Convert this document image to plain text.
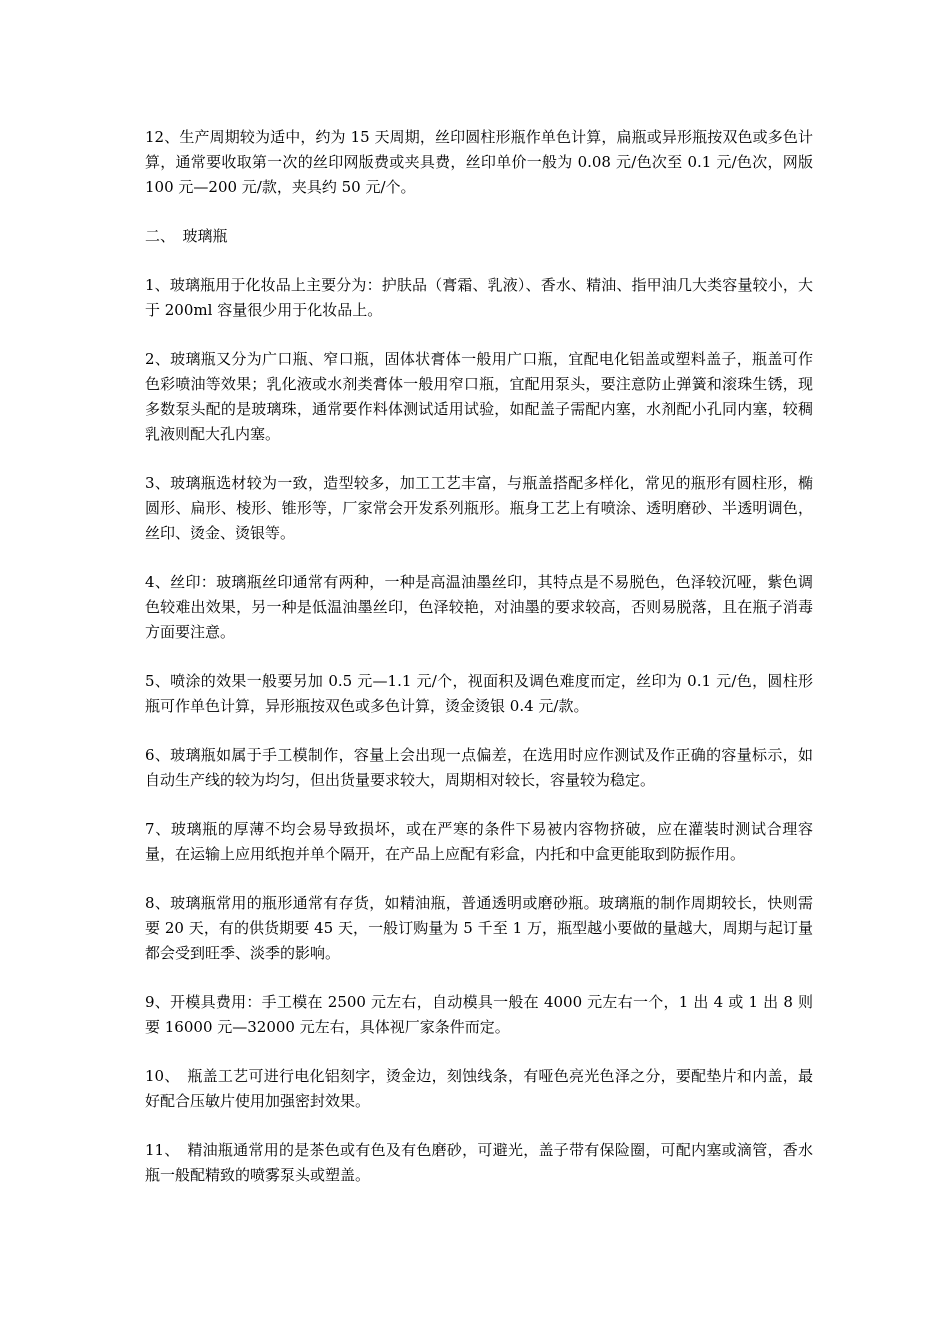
12、生产周期较为适中，约为 15 天周期，丝印圆柱形瓶作单色计算，扁瓶或异形瓶按双色或多色计算，通常要收取第一次的丝印网版费或夹具费，丝印单价一般为 0.08 元/色次至 0.1 元/色次，网版 100 元—200 元/款，夹具约 50 元/个。

二、　玻璃瓶

1、玻璃瓶用于化妆品上主要分为：护肤品（膏霜、乳液）、香水、精油、指甲油几大类容量较小，大于 200ml 容量很少用于化妆品上。

2、玻璃瓶又分为广口瓶、窄口瓶，固体状膏体一般用广口瓶，宜配电化铝盖或塑料盖子，瓶盖可作色彩喷油等效果；乳化液或水剂类膏体一般用窄口瓶，宜配用泵头，要注意防止弹簧和滚珠生锈，现多数泵头配的是玻璃珠，通常要作料体测试适用试验，如配盖子需配内塞，水剂配小孔同内塞，较稠乳液则配大孔内塞。

3、玻璃瓶选材较为一致，造型较多，加工工艺丰富，与瓶盖搭配多样化，常见的瓶形有圆柱形，椭圆形、扁形、棱形、锥形等，厂家常会开发系列瓶形。瓶身工艺上有喷涂、透明磨砂、半透明调色，丝印、烫金、烫银等。

4、丝印：玻璃瓶丝印通常有两种，一种是高温油墨丝印，其特点是不易脱色，色泽较沉哑，紫色调色较难出效果，另一种是低温油墨丝印，色泽较艳，对油墨的要求较高，否则易脱落，且在瓶子消毒方面要注意。

5、喷涂的效果一般要另加 0.5 元—1.1 元/个，视面积及调色难度而定，丝印为 0.1 元/色，圆柱形瓶可作单色计算，异形瓶按双色或多色计算，烫金烫银 0.4 元/款。

6、玻璃瓶如属于手工模制作，容量上会出现一点偏差，在选用时应作测试及作正确的容量标示，如自动生产线的较为均匀，但出货量要求较大，周期相对较长，容量较为稳定。

7、玻璃瓶的厚薄不均会易导致损坏，或在严寒的条件下易被内容物挤破，应在灌装时测试合理容量，在运输上应用纸抱并单个隔开，在产品上应配有彩盒，内托和中盒更能取到防振作用。

8、玻璃瓶常用的瓶形通常有存货，如精油瓶，普通透明或磨砂瓶。玻璃瓶的制作周期较长，快则需要 20 天，有的供货期要 45 天，一般订购量为 5 千至 1 万，瓶型越小要做的量越大，周期与起订量都会受到旺季、淡季的影响。

9、开模具费用：手工模在 2500 元左右，自动模具一般在 4000 元左右一个，1 出 4 或 1 出 8 则要 16000 元—32000 元左右，具体视厂家条件而定。

10、　瓶盖工艺可进行电化铝刻字，烫金边，刻蚀线条，有哑色亮光色泽之分，要配垫片和内盖，最好配合压敏片使用加强密封效果。

11、　精油瓶通常用的是茶色或有色及有色磨砂，可避光，盖子带有保险圈，可配内塞或滴管，香水瓶一般配精致的喷雾泵头或塑盖。
